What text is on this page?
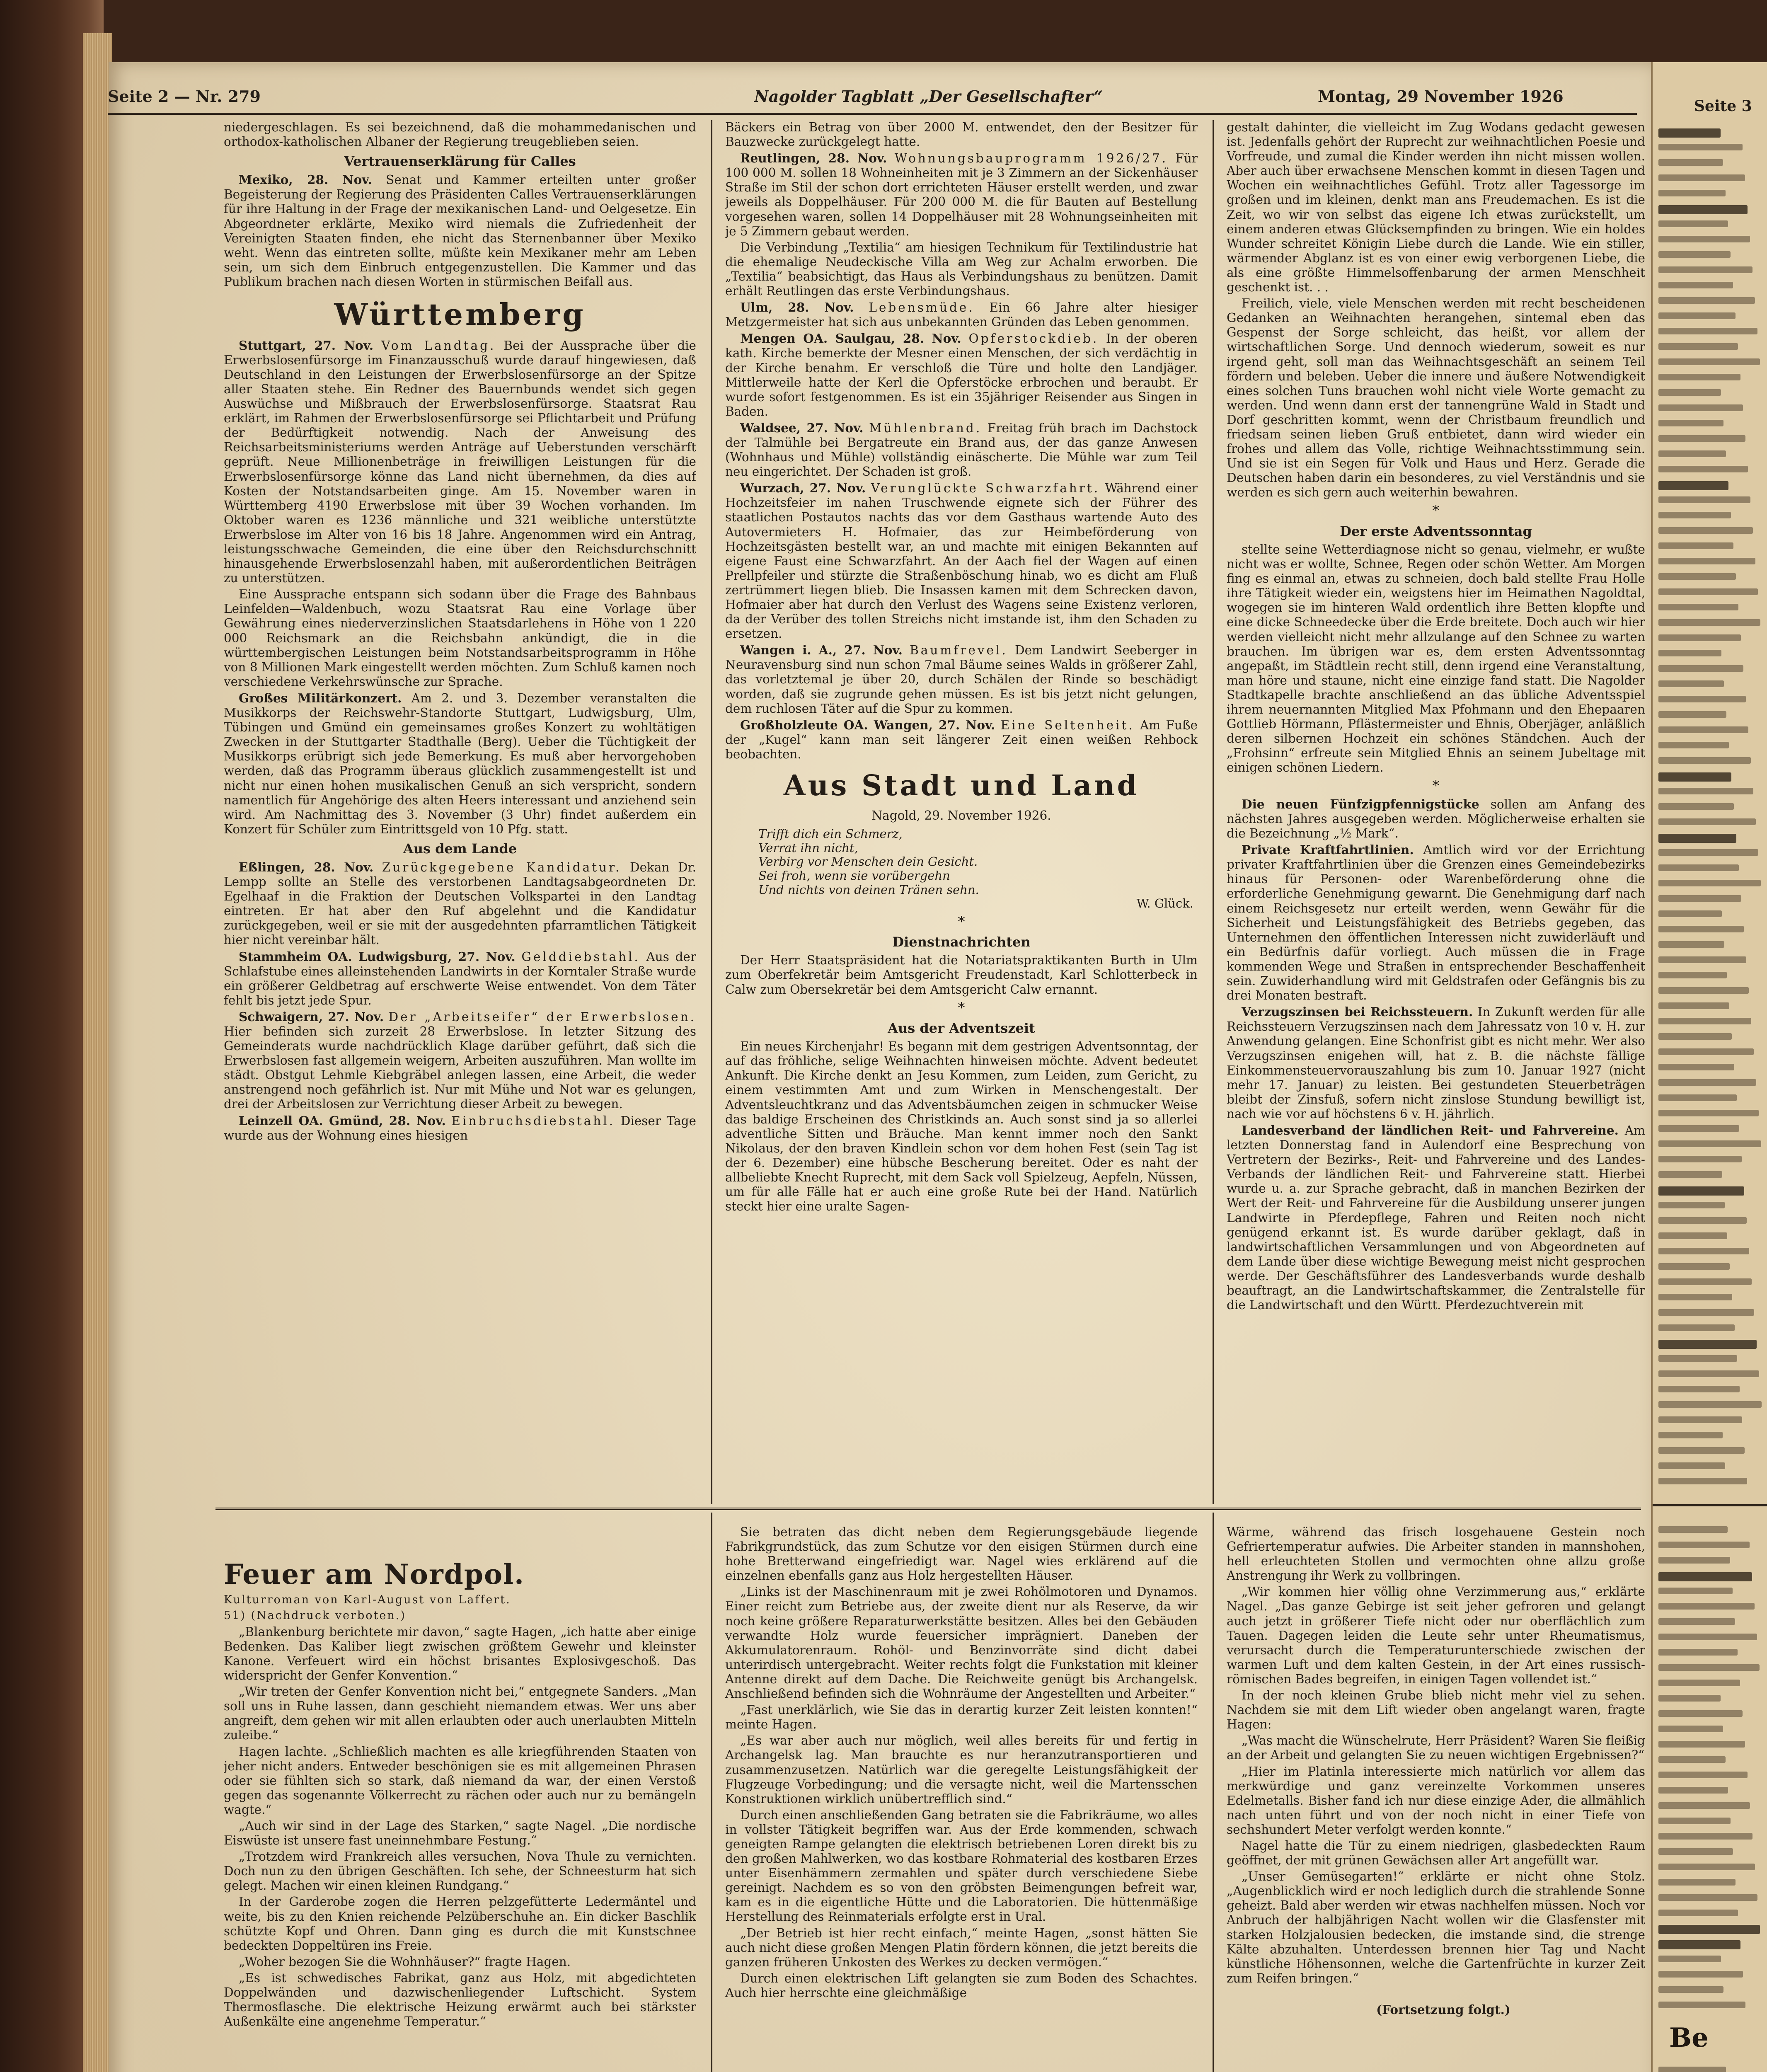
Seite 3
Be
Seite 2 — Nr. 279	Nagolder Tagblatt „Der Gesellschafter“	Montag, 29 November 1926

niedergeschlagen. Es sei bezeichnend, daß die mohammedanischen und orthodox-katholischen Albaner der Regierung treugeblieben seien.

Vertrauenserklärung für Calles

Mexiko, 28. Nov. Senat und Kammer erteilten unter großer Begeisterung der Regierung des Präsidenten Calles Vertrauenserklärungen für ihre Haltung in der Frage der mexikanischen Land- und Oelgesetze. Ein Abgeordneter erklärte, Mexiko wird niemals die Zufriedenheit der Vereinigten Staaten finden, ehe nicht das Sternenbanner über Mexiko weht. Wenn das eintreten sollte, müßte kein Mexikaner mehr am Leben sein, um sich dem Einbruch entgegenzustellen. Die Kammer und das Publikum brachen nach diesen Worten in stürmischen Beifall aus.

Württemberg

Stuttgart, 27. Nov. Vom Landtag. Bei der Aussprache über die Erwerbslosenfürsorge im Finanzausschuß wurde darauf hingewiesen, daß Deutschland in den Leistungen der Erwerbslosenfürsorge an der Spitze aller Staaten stehe. Ein Redner des Bauernbunds wendet sich gegen Auswüchse und Mißbrauch der Erwerbslosenfürsorge. Staatsrat Rau erklärt, im Rahmen der Erwerbslosenfürsorge sei Pflichtarbeit und Prüfung der Bedürftigkeit notwendig. Nach der Anweisung des Reichsarbeitsministeriums werden Anträge auf Ueberstunden verschärft geprüft. Neue Millionenbeträge in freiwilligen Leistungen für die Erwerbslosenfürsorge könne das Land nicht übernehmen, da dies auf Kosten der Notstandsarbeiten ginge. Am 15. November waren in Württemberg 4190 Erwerbslose mit über 39 Wochen vorhanden. Im Oktober waren es 1236 männliche und 321 weibliche unterstützte Erwerbslose im Alter von 16 bis 18 Jahre. Angenommen wird ein Antrag, leistungsschwache Gemeinden, die eine über den Reichsdurchschnitt hinausgehende Erwerbslosenzahl haben, mit außerordentlichen Beiträgen zu unterstützen.

Eine Aussprache entspann sich sodann über die Frage des Bahnbaus Leinfelden—Waldenbuch, wozu Staatsrat Rau eine Vorlage über Gewährung eines niederverzinslichen Staatsdarlehens in Höhe von 1 220 000 Reichsmark an die Reichsbahn ankündigt, die in die württembergischen Leistungen beim Notstandsarbeitsprogramm in Höhe von 8 Millionen Mark eingestellt werden möchten. Zum Schluß kamen noch verschiedene Verkehrswünsche zur Sprache.

Großes Militärkonzert. Am 2. und 3. Dezember veranstalten die Musikkorps der Reichswehr-Standorte Stuttgart, Ludwigsburg, Ulm, Tübingen und Gmünd ein gemeinsames großes Konzert zu wohltätigen Zwecken in der Stuttgarter Stadthalle (Berg). Ueber die Tüchtigkeit der Musikkorps erübrigt sich jede Bemerkung. Es muß aber hervorgehoben werden, daß das Programm überaus glücklich zusammengestellt ist und nicht nur einen hohen musikalischen Genuß an sich verspricht, sondern namentlich für Angehörige des alten Heers interessant und anziehend sein wird. Am Nachmittag des 3. November (3 Uhr) findet außerdem ein Konzert für Schüler zum Eintrittsgeld von 10 Pfg. statt.

Aus dem Lande

Eßlingen, 28. Nov. Zurückgegebene Kandidatur. Dekan Dr. Lempp sollte an Stelle des verstorbenen Landtagsabgeordneten Dr. Egelhaaf in die Fraktion der Deutschen Volkspartei in den Landtag eintreten. Er hat aber den Ruf abgelehnt und die Kandidatur zurückgegeben, weil er sie mit der ausgedehnten pfarramtlichen Tätigkeit hier nicht vereinbar hält.

Stammheim OA. Ludwigsburg, 27. Nov. Gelddiebstahl. Aus der Schlafstube eines alleinstehenden Landwirts in der Korntaler Straße wurde ein größerer Geldbetrag auf erschwerte Weise entwendet. Von dem Täter fehlt bis jetzt jede Spur.

Schwaigern, 27. Nov. Der „Arbeitseifer“ der Erwerbslosen. Hier befinden sich zurzeit 28 Erwerbslose. In letzter Sitzung des Gemeinderats wurde nachdrücklich Klage darüber geführt, daß sich die Erwerbslosen fast allgemein weigern, Arbeiten auszuführen. Man wollte im städt. Obstgut Lehmle Kiebgräbel anlegen lassen, eine Arbeit, die weder anstrengend noch gefährlich ist. Nur mit Mühe und Not war es gelungen, drei der Arbeitslosen zur Verrichtung dieser Arbeit zu bewegen.

Leinzell OA. Gmünd, 28. Nov. Einbruchsdiebstahl. Dieser Tage wurde aus der Wohnung eines hiesigen

Bäckers ein Betrag von über 2000 M. entwendet, den der Besitzer für Bauzwecke zurückgelegt hatte.

Reutlingen, 28. Nov. Wohnungsbauprogramm 1926/27. Für 100 000 M. sollen 18 Wohneinheiten mit je 3 Zimmern an der Sickenhäuser Straße im Stil der schon dort errichteten Häuser erstellt werden, und zwar jeweils als Doppelhäuser. Für 200 000 M. die für Bauten auf Bestellung vorgesehen waren, sollen 14 Doppelhäuser mit 28 Wohnungseinheiten mit je 5 Zimmern gebaut werden.

Die Verbindung „Textilia“ am hiesigen Technikum für Textilindustrie hat die ehemalige Neudeckische Villa am Weg zur Achalm erworben. Die „Textilia“ beabsichtigt, das Haus als Verbindungshaus zu benützen. Damit erhält Reutlingen das erste Verbindungshaus.

Ulm, 28. Nov. Lebensmüde. Ein 66 Jahre alter hiesiger Metzgermeister hat sich aus unbekannten Gründen das Leben genommen.

Mengen OA. Saulgau, 28. Nov. Opferstockdieb. In der oberen kath. Kirche bemerkte der Mesner einen Menschen, der sich verdächtig in der Kirche benahm. Er verschloß die Türe und holte den Landjäger. Mittlerweile hatte der Kerl die Opferstöcke erbrochen und beraubt. Er wurde sofort festgenommen. Es ist ein 35jähriger Reisender aus Singen in Baden.

Waldsee, 27. Nov. Mühlenbrand. Freitag früh brach im Dachstock der Talmühle bei Bergatreute ein Brand aus, der das ganze Anwesen (Wohnhaus und Mühle) vollständig einäscherte. Die Mühle war zum Teil neu eingerichtet. Der Schaden ist groß.

Wurzach, 27. Nov. Verunglückte Schwarzfahrt. Während einer Hochzeitsfeier im nahen Truschwende eignete sich der Führer des staatlichen Postautos nachts das vor dem Gasthaus wartende Auto des Autovermieters H. Hofmaier, das zur Heimbeförderung von Hochzeitsgästen bestellt war, an und machte mit einigen Bekannten auf eigene Faust eine Schwarzfahrt. An der Aach fiel der Wagen auf einen Prellpfeiler und stürzte die Straßenböschung hinab, wo es dicht am Fluß zertrümmert liegen blieb. Die Insassen kamen mit dem Schrecken davon, Hofmaier aber hat durch den Verlust des Wagens seine Existenz verloren, da der Verüber des tollen Streichs nicht imstande ist, ihm den Schaden zu ersetzen.

Wangen i. A., 27. Nov. Baumfrevel. Dem Landwirt Seeberger in Neuravensburg sind nun schon 7mal Bäume seines Walds in größerer Zahl, das vorletztemal je über 20, durch Schälen der Rinde so beschädigt worden, daß sie zugrunde gehen müssen. Es ist bis jetzt nicht gelungen, dem ruchlosen Täter auf die Spur zu kommen.

Großholzleute OA. Wangen, 27. Nov. Eine Seltenheit. Am Fuße der „Kugel“ kann man seit längerer Zeit einen weißen Rehbock beobachten.

Aus Stadt und Land

Nagold, 29. November 1926.

Trifft dich ein Schmerz,
Verrat ihn nicht,
Verbirg vor Menschen dein Gesicht.
Sei froh, wenn sie vorübergehn
Und nichts von deinen Tränen sehn.
W. Glück.
*
Dienstnachrichten

Der Herr Staatspräsident hat die Notariatspraktikanten Burth in Ulm zum Oberfekretär beim Amtsgericht Freudenstadt, Karl Schlotterbeck in Calw zum Obersekretär bei dem Amtsgericht Calw ernannt.

*
Aus der Adventszeit

Ein neues Kirchenjahr! Es begann mit dem gestrigen Adventsonntag, der auf das fröhliche, selige Weihnachten hinweisen möchte. Advent bedeutet Ankunft. Die Kirche denkt an Jesu Kommen, zum Leiden, zum Gericht, zu einem vestimmten Amt und zum Wirken in Menschengestalt. Der Adventsleuchtkranz und das Adventsbäumchen zeigen in schmucker Weise das baldige Erscheinen des Christkinds an. Auch sonst sind ja so allerlei adventliche Sitten und Bräuche. Man kennt immer noch den Sankt Nikolaus, der den braven Kindlein schon vor dem hohen Fest (sein Tag ist der 6. Dezember) eine hübsche Bescherung bereitet. Oder es naht der allbeliebte Knecht Ruprecht, mit dem Sack voll Spielzeug, Aepfeln, Nüssen, um für alle Fälle hat er auch eine große Rute bei der Hand. Natürlich steckt hier eine uralte Sagen-

gestalt dahinter, die vielleicht im Zug Wodans gedacht gewesen ist. Jedenfalls gehört der Ruprecht zur weihnachtlichen Poesie und Vorfreude, und zumal die Kinder werden ihn nicht missen wollen. Aber auch über erwachsene Menschen kommt in diesen Tagen und Wochen ein weihnachtliches Gefühl. Trotz aller Tagessorge im großen und im kleinen, denkt man ans Freudemachen. Es ist die Zeit, wo wir von selbst das eigene Ich etwas zurückstellt, um einem anderen etwas Glücksempfinden zu bringen. Wie ein holdes Wunder schreitet Königin Liebe durch die Lande. Wie ein stiller, wärmender Abglanz ist es von einer ewig verborgenen Liebe, die als eine größte Himmelsoffenbarung der armen Menschheit geschenkt ist. . .

Freilich, viele, viele Menschen werden mit recht bescheidenen Gedanken an Weihnachten herangehen, sintemal eben das Gespenst der Sorge schleicht, das heißt, vor allem der wirtschaftlichen Sorge. Und dennoch wiederum, soweit es nur irgend geht, soll man das Weihnachtsgeschäft an seinem Teil fördern und beleben. Ueber die innere und äußere Notwendigkeit eines solchen Tuns brauchen wohl nicht viele Worte gemacht zu werden. Und wenn dann erst der tannengrüne Wald in Stadt und Dorf geschritten kommt, wenn der Christbaum freundlich und friedsam seinen lieben Gruß entbietet, dann wird wieder ein frohes und allem das Volle, richtige Weihnachtsstimmung sein. Und sie ist ein Segen für Volk und Haus und Herz. Gerade die Deutschen haben darin ein besonderes, zu viel Verständnis und sie werden es sich gern auch weiterhin bewahren.

*
Der erste Adventssonntag

stellte seine Wetterdiagnose nicht so genau, vielmehr, er wußte nicht was er wollte, Schnee, Regen oder schön Wetter. Am Morgen fing es einmal an, etwas zu schneien, doch bald stellte Frau Holle ihre Tätigkeit wieder ein, weigstens hier im Heimathen Nagoldtal, wogegen sie im hinteren Wald ordentlich ihre Betten klopfte und eine dicke Schneedecke über die Erde breitete. Doch auch wir hier werden vielleicht nicht mehr allzulange auf den Schnee zu warten brauchen. Im übrigen war es, dem ersten Adventssonntag angepaßt, im Städtlein recht still, denn irgend eine Veranstaltung, man höre und staune, nicht eine einzige fand statt. Die Nagolder Stadtkapelle brachte anschließend an das übliche Adventsspiel ihrem neuernannten Mitglied Max Pfohmann und den Ehepaaren Gottlieb Hörmann, Pflästermeister und Ehnis, Oberjäger, anläßlich deren silbernen Hochzeit ein schönes Ständchen. Auch der „Frohsinn“ erfreute sein Mitglied Ehnis an seinem Jubeltage mit einigen schönen Liedern.

*

Die neuen Fünfzigpfennigstücke sollen am Anfang des nächsten Jahres ausgegeben werden. Möglicherweise erhalten sie die Bezeichnung „½ Mark“.

Private Kraftfahrtlinien. Amtlich wird vor der Errichtung privater Kraftfahrtlinien über die Grenzen eines Gemeindebezirks hinaus für Personen- oder Warenbeförderung ohne die erforderliche Genehmigung gewarnt. Die Genehmigung darf nach einem Reichsgesetz nur erteilt werden, wenn Gewähr für die Sicherheit und Leistungsfähigkeit des Betriebs gegeben, das Unternehmen den öffentlichen Interessen nicht zuwiderläuft und ein Bedürfnis dafür vorliegt. Auch müssen die in Frage kommenden Wege und Straßen in entsprechender Beschaffenheit sein. Zuwiderhandlung wird mit Geldstrafen oder Gefängnis bis zu drei Monaten bestraft.

Verzugszinsen bei Reichssteuern. In Zukunft werden für alle Reichssteuern Verzugszinsen nach dem Jahressatz von 10 v. H. zur Anwendung gelangen. Eine Schonfrist gibt es nicht mehr. Wer also Verzugszinsen enigehen will, hat z. B. die nächste fällige Einkommensteuervorauszahlung bis zum 10. Januar 1927 (nicht mehr 17. Januar) zu leisten. Bei gestundeten Steuerbeträgen bleibt der Zinsfuß, sofern nicht zinslose Stundung bewilligt ist, nach wie vor auf höchstens 6 v. H. jährlich.

Landesverband der ländlichen Reit- und Fahrvereine. Am letzten Donnerstag fand in Aulendorf eine Besprechung von Vertretern der Bezirks-, Reit- und Fahrvereine und des Landes-Verbands der ländlichen Reit- und Fahrvereine statt. Hierbei wurde u. a. zur Sprache gebracht, daß in manchen Bezirken der Wert der Reit- und Fahrvereine für die Ausbildung unserer jungen Landwirte in Pferdepflege, Fahren und Reiten noch nicht genügend erkannt ist. Es wurde darüber geklagt, daß in landwirtschaftlichen Versammlungen und von Abgeordneten auf dem Lande über diese wichtige Bewegung meist nicht gesprochen werde. Der Geschäftsführer des Landesverbands wurde deshalb beauftragt, an die Landwirtschaftskammer, die Zentralstelle für die Landwirtschaft und den Württ. Pferdezuchtverein mit

Feuer am Nordpol.
Kulturroman von Karl-August von Laffert.
51) (Nachdruck verboten.)

„Blankenburg berichtete mir davon,“ sagte Hagen, „ich hatte aber einige Bedenken. Das Kaliber liegt zwischen größtem Gewehr und kleinster Kanone. Verfeuert wird ein höchst brisantes Explosivgeschoß. Das widerspricht der Genfer Konvention.“

„Wir treten der Genfer Konvention nicht bei,“ entgegnete Sanders. „Man soll uns in Ruhe lassen, dann geschieht niemandem etwas. Wer uns aber angreift, dem gehen wir mit allen erlaubten oder auch unerlaubten Mitteln zuleibe.“

Hagen lachte. „Schließlich machten es alle kriegführenden Staaten von jeher nicht anders. Entweder beschönigen sie es mit allgemeinen Phrasen oder sie fühlten sich so stark, daß niemand da war, der einen Verstoß gegen das sogenannte Völkerrecht zu rächen oder auch nur zu bemängeln wagte.“

„Auch wir sind in der Lage des Starken,“ sagte Nagel. „Die nordische Eiswüste ist unsere fast uneinnehmbare Festung.“

„Trotzdem wird Frankreich alles versuchen, Nova Thule zu vernichten. Doch nun zu den übrigen Geschäften. Ich sehe, der Schneesturm hat sich gelegt. Machen wir einen kleinen Rundgang.“

In der Garderobe zogen die Herren pelzgefütterte Ledermäntel und weite, bis zu den Knien reichende Pelzüberschuhe an. Ein dicker Baschlik schützte Kopf und Ohren. Dann ging es durch die mit Kunstschnee bedeckten Doppeltüren ins Freie.

„Woher bezogen Sie die Wohnhäuser?“ fragte Hagen.

„Es ist schwedisches Fabrikat, ganz aus Holz, mit abgedichteten Doppelwänden und dazwischenliegender Luftschicht. System Thermosflasche. Die elektrische Heizung erwärmt auch bei stärkster Außenkälte eine angenehme Temperatur.“

Sie betraten das dicht neben dem Regierungsgebäude liegende Fabrikgrundstück, das zum Schutze vor den eisigen Stürmen durch eine hohe Bretterwand eingefriedigt war. Nagel wies erklärend auf die einzelnen ebenfalls ganz aus Holz hergestellten Häuser.

„Links ist der Maschinenraum mit je zwei Rohölmotoren und Dynamos. Einer reicht zum Betriebe aus, der zweite dient nur als Reserve, da wir noch keine größere Reparaturwerkstätte besitzen. Alles bei den Gebäuden verwandte Holz wurde feuersicher imprägniert. Daneben der Akkumulatorenraum. Rohöl- und Benzinvorräte sind dicht dabei unterirdisch untergebracht. Weiter rechts folgt die Funkstation mit kleiner Antenne direkt auf dem Dache. Die Reichweite genügt bis Archangelsk. Anschließend befinden sich die Wohnräume der Angestellten und Arbeiter.“

„Fast unerklärlich, wie Sie das in derartig kurzer Zeit leisten konnten!“ meinte Hagen.

„Es war aber auch nur möglich, weil alles bereits für und fertig in Archangelsk lag. Man brauchte es nur heranzutransportieren und zusammenzusetzen. Natürlich war die geregelte Leistungsfähigkeit der Flugzeuge Vorbedingung; und die versagte nicht, weil die Martensschen Konstruktionen wirklich unübertrefflich sind.“

Durch einen anschließenden Gang betraten sie die Fabrikräume, wo alles in vollster Tätigkeit begriffen war. Aus der Erde kommenden, schwach geneigten Rampe gelangten die elektrisch betriebenen Loren direkt bis zu den großen Mahlwerken, wo das kostbare Rohmaterial des kostbaren Erzes unter Eisenhämmern zermahlen und später durch verschiedene Siebe gereinigt. Nachdem es so von den gröbsten Beimengungen befreit war, kam es in die eigentliche Hütte und die Laboratorien. Die hüttenmäßige Herstellung des Reinmaterials erfolgte erst in Ural.

„Der Betrieb ist hier recht einfach,“ meinte Hagen, „sonst hätten Sie auch nicht diese großen Mengen Platin fördern können, die jetzt bereits die ganzen früheren Unkosten des Werkes zu decken vermögen.“

Durch einen elektrischen Lift gelangten sie zum Boden des Schachtes. Auch hier herrschte eine gleichmäßige

Wärme, während das frisch losgehauene Gestein noch Gefriertemperatur aufwies. Die Arbeiter standen in mannshohen, hell erleuchteten Stollen und vermochten ohne allzu große Anstrengung ihr Werk zu vollbringen.

„Wir kommen hier völlig ohne Verzimmerung aus,“ erklärte Nagel. „Das ganze Gebirge ist seit jeher gefroren und gelangt auch jetzt in größerer Tiefe nicht oder nur oberflächlich zum Tauen. Dagegen leiden die Leute sehr unter Rheumatismus, verursacht durch die Temperaturunterschiede zwischen der warmen Luft und dem kalten Gestein, in der Art eines russisch-römischen Bades begreifen, in einigen Tagen vollendet ist.“

In der noch kleinen Grube blieb nicht mehr viel zu sehen. Nachdem sie mit dem Lift wieder oben angelangt waren, fragte Hagen:

„Was macht die Wünschelrute, Herr Präsident? Waren Sie fleißig an der Arbeit und gelangten Sie zu neuen wichtigen Ergebnissen?“

„Hier im Platinla interessierte mich natürlich vor allem das merkwürdige und ganz vereinzelte Vorkommen unseres Edelmetalls. Bisher fand ich nur diese einzige Ader, die allmählich nach unten führt und von der noch nicht in einer Tiefe von sechshundert Meter verfolgt werden konnte.“

Nagel hatte die Tür zu einem niedrigen, glasbedeckten Raum geöffnet, der mit grünen Gewächsen aller Art angefüllt war.

„Unser Gemüsegarten!“ erklärte er nicht ohne Stolz. „Augenblicklich wird er noch lediglich durch die strahlende Sonne geheizt. Bald aber werden wir etwas nachhelfen müssen. Noch vor Anbruch der halbjährigen Nacht wollen wir die Glasfenster mit starken Holzjalousien bedecken, die imstande sind, die strenge Kälte abzuhalten. Unterdessen brennen hier Tag und Nacht künstliche Höhensonnen, welche die Gartenfrüchte in kurzer Zeit zum Reifen bringen.“

(Fortsetzung folgt.)
